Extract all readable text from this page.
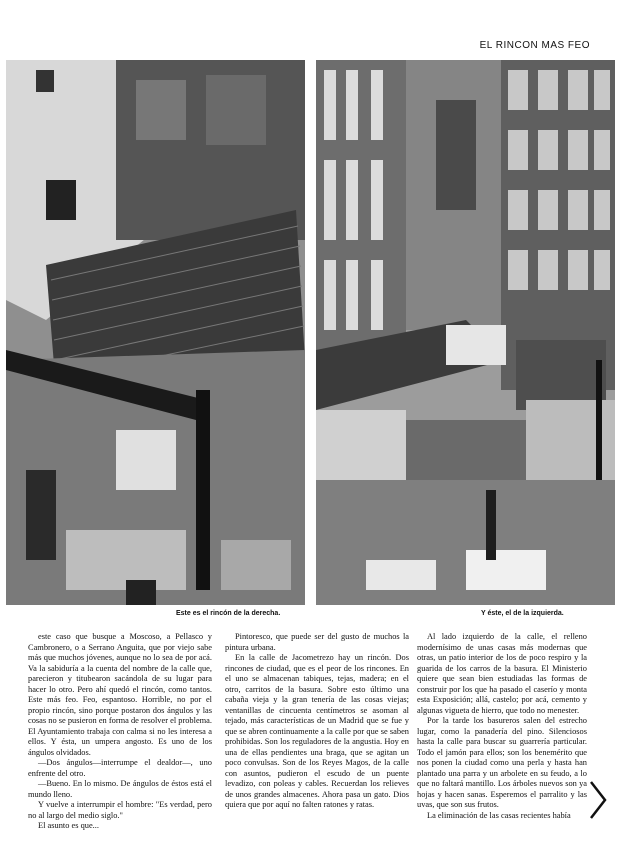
EL RINCON MAS FEO
Este es el rincón de la derecha.	Y éste, el de la izquierda.

este caso que busque a Moscoso, a Pellasco y Cambronero, o a Serrano Anguita, que por viejo sabe más que muchos jóvenes, aunque no lo sea de por acá. Va la sabiduría a la cuenta del nombre de la calle que, parecieron y titubearon sacándola de su lugar para hacer lo otro. Pero ahí quedó el rincón, como tantos. Este más feo. Feo, espantoso. Horrible, no por el propio rincón, sino porque postaron dos ángulos y las cosas no se pusieron en forma de resolver el problema. El Ayuntamiento trabaja con calma si no les interesa a ellos. Y ésta, un umpera angosto. Es uno de los ángulos olvidados.

—Dos ángulos—interrumpe el dealdor—, uno enfrente del otro.

—Bueno. En lo mismo. De ángulos de éstos está el mundo lleno.

Y vuelve a interrumpir el hombre: "Es verdad, pero no al largo del medio siglo."

El asunto es que...

Pintoresco, que puede ser del gusto de muchos la pintura urbana.

En la calle de Jacometrezo hay un rincón. Dos rincones de ciudad, que es el peor de los rincones. En el uno se almacenan tabiques, tejas, madera; en el otro, carritos de la basura. Sobre esto último una cabaña vieja y la gran tenería de las cosas viejas; ventanillas de cincuenta centímetros se asoman al tejado, más características de un Madrid que se fue y que se abren continuamente a la calle por que se saben prohibidas. Son los reguladores de la angustia. Hoy en una de ellas pendientes una braga, que se agitan un poco convulsas. Son de los Reyes Magos, de la calle con asuntos, pudieron el escudo de un puente levadizo, con poleas y cables. Recuerdan los relieves de unos grandes almacenes. Ahora pasa un gato. Dios quiera que por aquí no falten ratones y ratas.

Al lado izquierdo de la calle, el relleno modernísimo de unas casas más modernas que otras, un patio interior de los de poco respiro y la guarida de los carros de la basura. El Ministerio quiere que sean bien estudiadas las formas de construir por los que ha pasado el caserío y monta esta Exposición; allá, castelo; por acá, cemento y algunas vigueta de hierro, que todo no menester.

Por la tarde los basureros salen del estrecho lugar, como la panadería del pino. Silenciosos hasta la calle para buscar su guarrería particular. Todo el jamón para ellos; son los benemérito que nos ponen la ciudad como una perla y hasta han plantado una parra y un arbolete en su feudo, a lo que no faltará mantillo. Los árboles nuevos son ya hojas y hacen sanas. Esperemos el parralito y las uvas, que son sus frutos.

La eliminación de las casas recientes había
